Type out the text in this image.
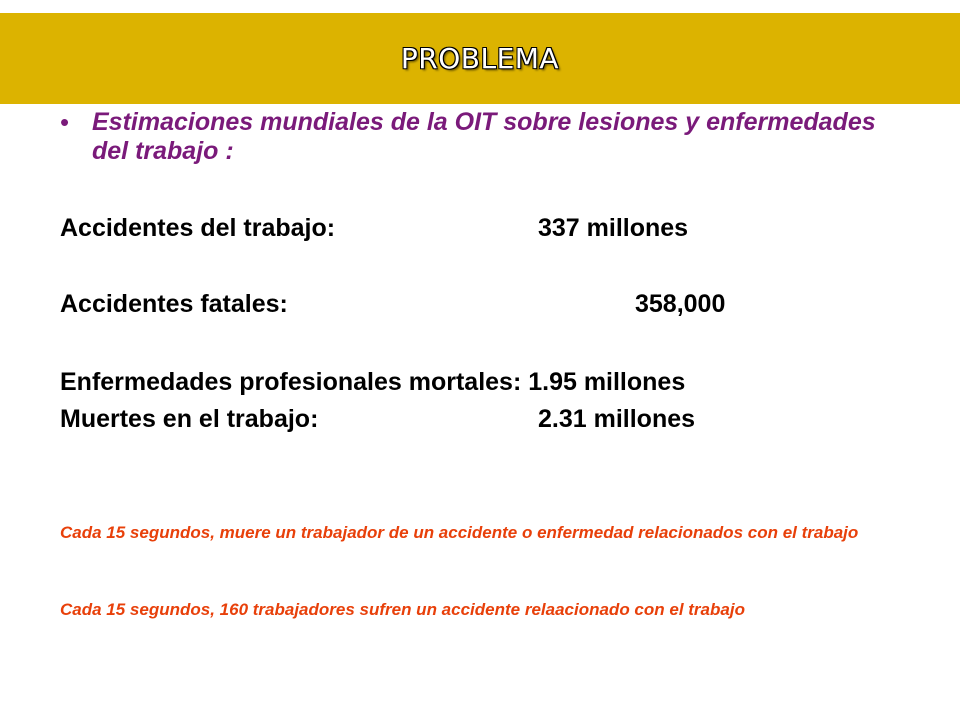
PROBLEMA
• Estimaciones mundiales de la OIT sobre lesiones y enfermedades del trabajo :
Accidentes del trabajo:	337 millones
Accidentes fatales:	358,000
Enfermedades profesionales mortales: 1.95 millones
Muertes en el trabajo:	2.31 millones
Cada 15 segundos, muere un trabajador de un accidente o enfermedad relacionados con el trabajo
Cada 15 segundos, 160 trabajadores sufren un accidente relaacionado con el trabajo
